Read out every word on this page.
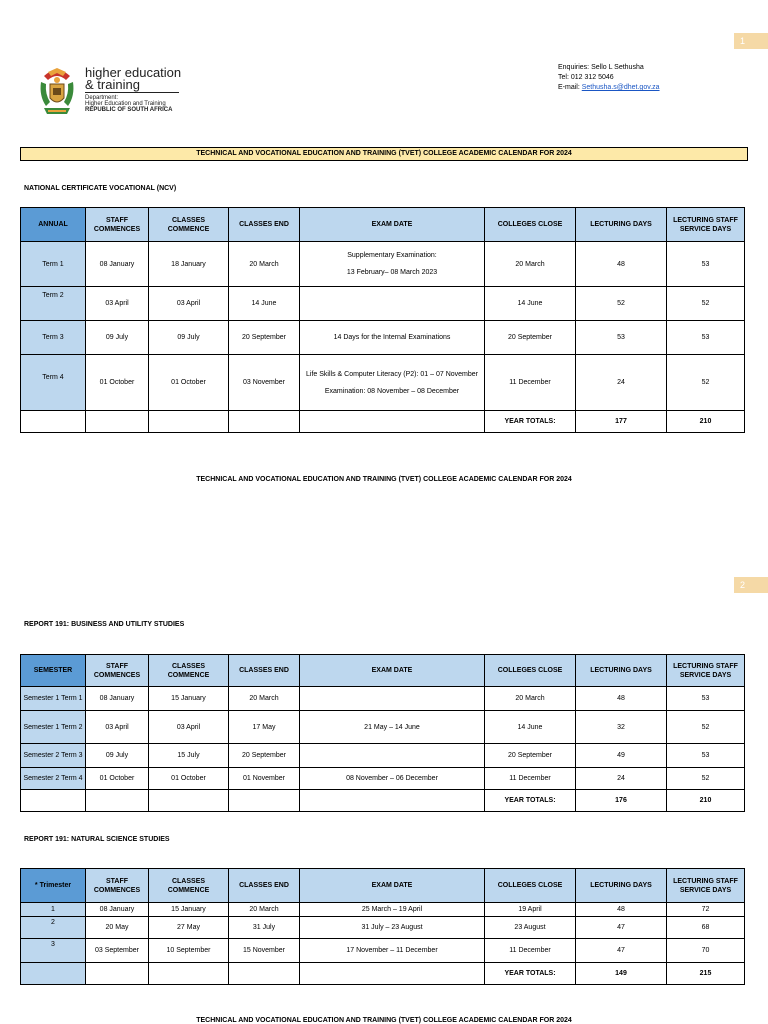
1
2
higher education
& training
Department:
Higher Education and Training
REPUBLIC OF SOUTH AFRICA
Enquiries: Sello L Sethusha
Tel: 012 312 5046
E-mail: Sethusha.s@dhet.gov.za
TECHNICAL AND VOCATIONAL EDUCATION AND TRAINING (TVET) COLLEGE ACADEMIC CALENDAR FOR 2024
NATIONAL CERTIFICATE VOCATIONAL (NCV)
ANNUAL	STAFF COMMENCES	CLASSES COMMENCE	CLASSES END	EXAM DATE	COLLEGES CLOSE	LECTURING DAYS	LECTURING STAFF SERVICE DAYS
Term 1	08 January	18 January	20 March	Supplementary Examination:
13 February– 08 March 2023	20 March	48	53
Term 2	03 April	03 April	14 June		14 June	52	52
Term 3	09 July	09 July	20 September	14 Days for the Internal Examinations	20 September	53	53
Term 4	01 October	01 October	03 November	Life Skills & Computer Literacy (P2): 01 – 07 November
Examination: 08 November – 08 December	11 December	24	52
					YEAR TOTALS:	177	210
TECHNICAL AND VOCATIONAL EDUCATION AND TRAINING (TVET) COLLEGE ACADEMIC CALENDAR FOR 2024
REPORT 191: BUSINESS AND UTILITY STUDIES
SEMESTER	STAFF COMMENCES	CLASSES COMMENCE	CLASSES END	EXAM DATE	COLLEGES CLOSE	LECTURING DAYS	LECTURING STAFF SERVICE DAYS
Semester 1 Term 1	08 January	15 January	20 March		20 March	48	53
Semester 1 Term 2	03 April	03 April	17 May	21 May – 14 June	14 June	32	52
Semester 2 Term 3	09 July	15 July	20 September		20 September	49	53
Semester 2 Term 4	01 October	01 October	01 November	08 November – 06 December	11 December	24	52
					YEAR TOTALS:	176	210
REPORT 191: NATURAL SCIENCE STUDIES
* Trimester	STAFF COMMENCES	CLASSES COMMENCE	CLASSES END	EXAM DATE	COLLEGES CLOSE	LECTURING DAYS	LECTURING STAFF SERVICE DAYS
1	08 January	15 January	20 March	25 March – 19 April	19 April	48	72
2	20 May	27 May	31 July	31 July – 23 August	23 August	47	68
3	03 September	10 September	15 November	17 November – 11 December	11 December	47	70
					YEAR TOTALS:	149	215
TECHNICAL AND VOCATIONAL EDUCATION AND TRAINING (TVET) COLLEGE ACADEMIC CALENDAR FOR 2024
